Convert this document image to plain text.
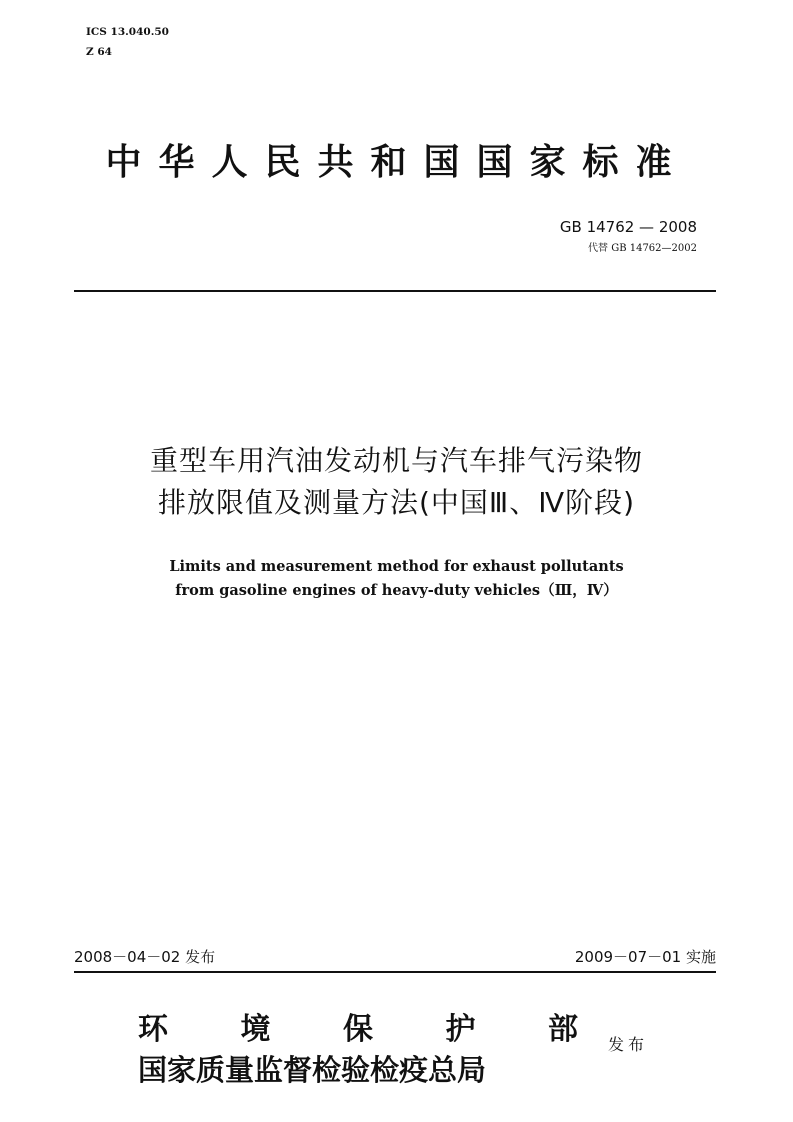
ICS 13.040.50
Z 64
中华人民共和国国家标准
GB 14762 — 2008
代替 GB 14762—2002
重型车用汽油发动机与汽车排气污染物
排放限值及测量方法(中国Ⅲ、Ⅳ阶段)
Limits and measurement method for exhaust pollutants
from gasoline engines of heavy-duty vehicles（Ⅲ，Ⅳ）
2008－04－02 发布	2009－07－01 实施
环 境 保 护 部
国家质量监督检验检疫总局
发布
